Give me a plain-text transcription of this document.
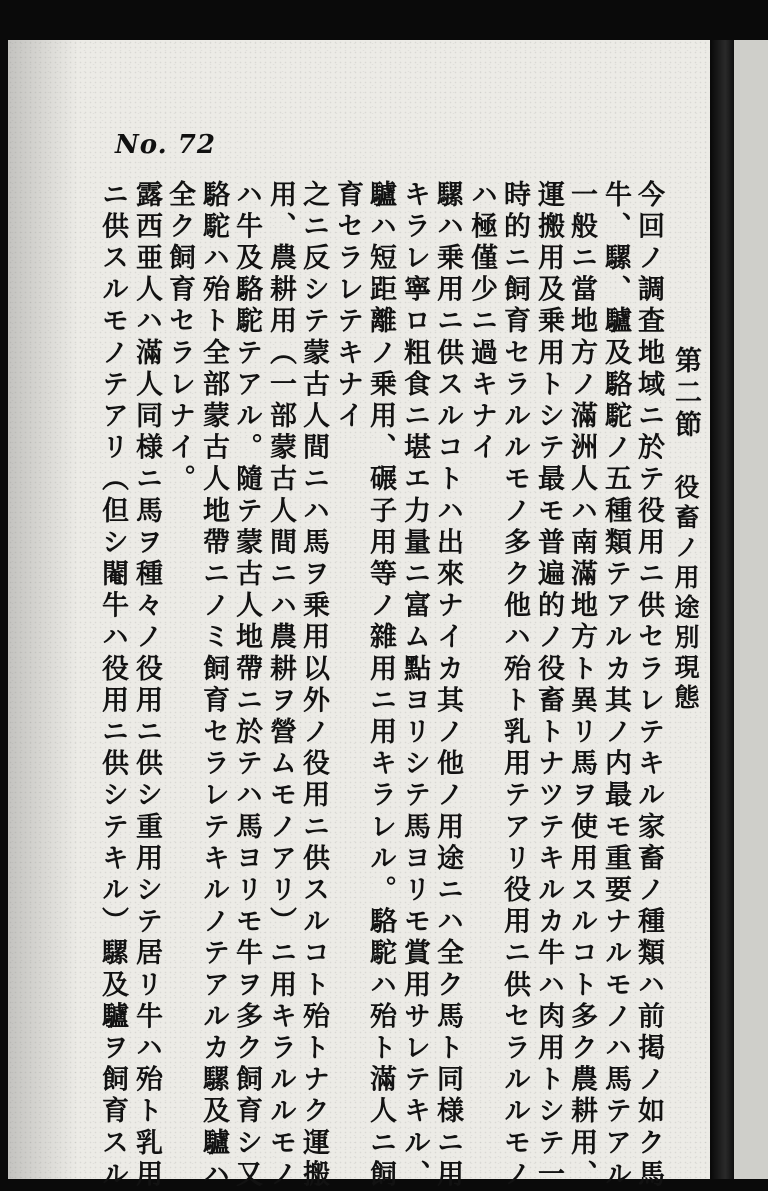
No. 72
第二節　役畜ノ用途別現態
今回ノ調査地域ニ於テ役用ニ供セラレテキル家畜ノ種類ハ前掲ノ如ク馬
牛、騾、驢及駱駝ノ五種類テアルカ其ノ内最モ重要ナルモノハ馬テアル
一般ニ當地方ノ滿洲人ハ南滿地方ト異リ馬ヲ使用スルコト多ク農耕用、
運搬用及乗用トシテ最モ普遍的ノ役畜トナツテキルカ牛ハ肉用トシテ一
時的ニ飼育セラルルモノ多ク他ハ殆ト乳用テアリ役用ニ供セラルルモノ
ハ極僅少ニ過キナイ
騾ハ乗用ニ供スルコトハ出來ナイカ其ノ他ノ用途ニハ全ク馬ト同様ニ用
キラレ寧ロ粗食ニ堪エ力量ニ富ム點ヨリシテ馬ヨリモ賞用サレテキル、
驢ハ短距離ノ乗用、碾子用等ノ雜用ニ用キラレル。駱駝ハ殆ト滿人ニ飼
育セラレテキナイ
之ニ反シテ蒙古人間ニハ馬ヲ乗用以外ノ役用ニ供スルコト殆トナク運搬
用、農耕用（一部蒙古人間ニハ農耕ヲ營ムモノアリ）ニ用キラルルモノ
ハ牛及駱駝テアル。隨テ蒙古人地帶ニ於テハ馬ヨリモ牛ヲ多ク飼育シ又
駱駝ハ殆ト全部蒙古人地帶ニノミ飼育セラレテキルノテアルカ騾及驢ハ
全ク飼育セラレナイ。
露西亜人ハ滿人同様ニ馬ヲ種々ノ役用ニ供シ重用シテ居リ牛ハ殆ト乳用
ニ供スルモノテアリ（但シ閹牛ハ役用ニ供シテキル）騾及驢ヲ飼育スル
